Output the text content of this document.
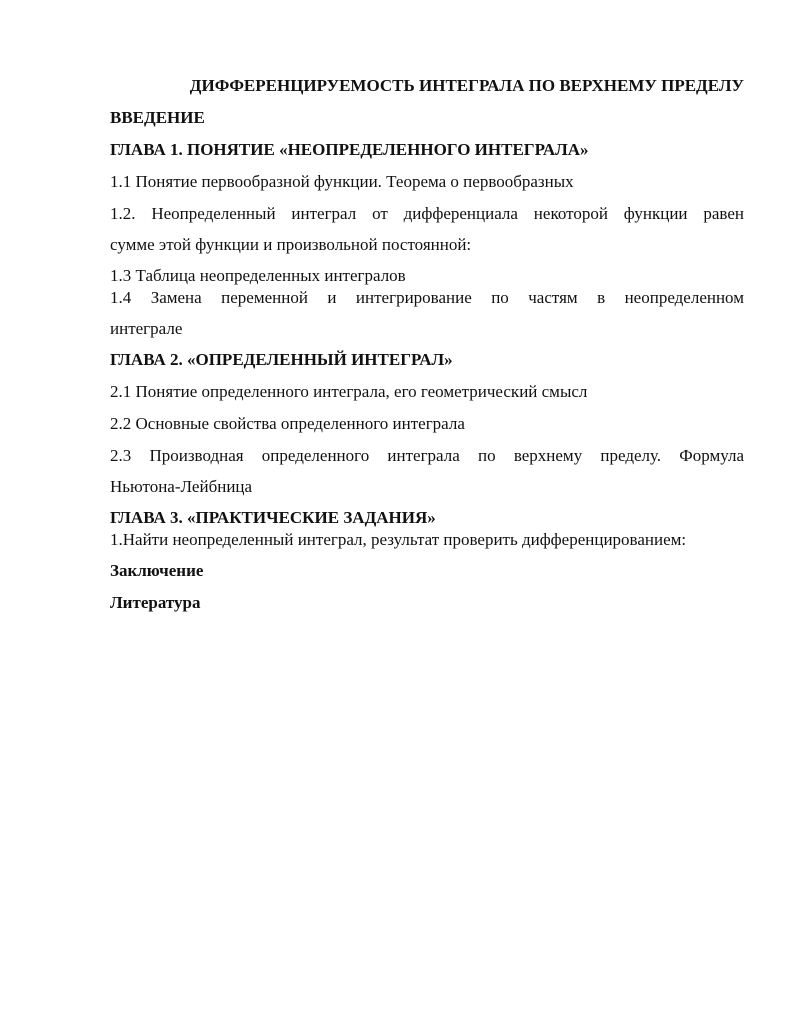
ДИФФЕРЕНЦИРУЕМОСТЬ ИНТЕГРАЛА ПО ВЕРХНЕМУ ПРЕДЕЛУ
ВВЕДЕНИЕ
ГЛАВА 1. ПОНЯТИЕ «НЕОПРЕДЕЛЕННОГО ИНТЕГРАЛА»
1.1 Понятие первообразной функции. Теорема о первообразных
1.2. Неопределенный интеграл от дифференциала некоторой функции равен
сумме этой функции и произвольной постоянной:
1.3 Таблица неопределенных интегралов
1.4 Замена переменной и интегрирование по частям в неопределенном
интеграле
ГЛАВА 2. «ОПРЕДЕЛЕННЫЙ ИНТЕГРАЛ»
2.1 Понятие определенного интеграла, его геометрический смысл
2.2 Основные свойства определенного интеграла
2.3 Производная определенного интеграла по верхнему пределу. Формула
Ньютона-Лейбница
ГЛАВА 3. «ПРАКТИЧЕСКИЕ ЗАДАНИЯ»
1.Найти неопределенный интеграл, результат проверить дифференцированием:
Заключение
Литература
